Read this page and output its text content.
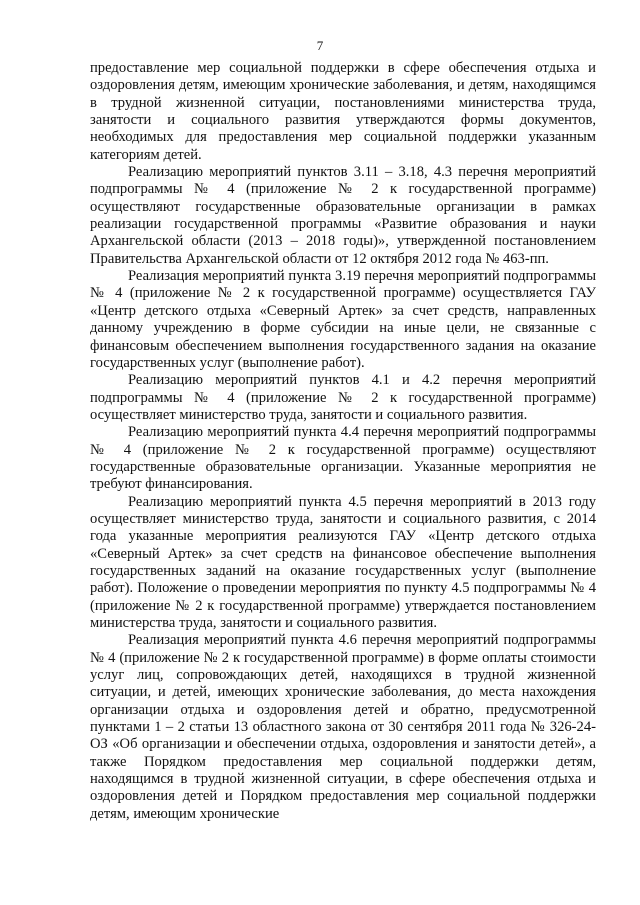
7

предоставление мер социальной поддержки в сфере обеспечения отдыха и оздоровления детям, имеющим хронические заболевания, и детям, находящимся в трудной жизненной ситуации, постановлениями министерства труда, занятости и социального развития утверждаются формы документов, необходимых для предоставления мер социальной поддержки указанным категориям детей.

Реализацию мероприятий пунктов 3.11 – 3.18, 4.3 перечня мероприятий подпрограммы № 4 (приложение № 2 к государственной программе) осуществляют государственные образовательные организации в рамках реализации государственной программы «Развитие образования и науки Архангельской области (2013 – 2018 годы)», утвержденной постановлением Правительства Архангельской области от 12 октября 2012 года № 463-пп.

Реализация мероприятий пункта 3.19 перечня мероприятий подпрограммы № 4 (приложение № 2 к государственной программе) осуществляется ГАУ «Центр детского отдыха «Северный Артек» за счет средств, направленных данному учреждению в форме субсидии на иные цели, не связанные с финансовым обеспечением выполнения государственного задания на оказание государственных услуг (выполнение работ).

Реализацию мероприятий пунктов 4.1 и 4.2 перечня мероприятий подпрограммы № 4 (приложение № 2 к государственной программе) осуществляет министерство труда, занятости и социального развития.

Реализацию мероприятий пункта 4.4 перечня мероприятий подпрограммы № 4 (приложение № 2 к государственной программе) осуществляют государственные образовательные организации. Указанные мероприятия не требуют финансирования.

Реализацию мероприятий пункта 4.5 перечня мероприятий в 2013 году осуществляет министерство труда, занятости и социального развития, с 2014 года указанные мероприятия реализуются ГАУ «Центр детского отдыха «Северный Артек» за счет средств на финансовое обеспечение выполнения государственных заданий на оказание государственных услуг (выполнение работ). Положение о проведении мероприятия по пункту 4.5 подпрограммы № 4 (приложение № 2 к государственной программе) утверждается постановлением министерства труда, занятости и социального развития.

Реализация мероприятий пункта 4.6 перечня мероприятий подпрограммы № 4 (приложение № 2 к государственной программе) в форме оплаты стоимости услуг лиц, сопровождающих детей, находящихся в трудной жизненной ситуации, и детей, имеющих хронические заболевания, до места нахождения организации отдыха и оздоровления детей и обратно, предусмотренной пунктами 1 – 2 статьи 13 областного закона от 30 сентября 2011 года № 326-24-ОЗ «Об организации и обеспечении отдыха, оздоровления и занятости детей», а также Порядком предоставления мер социальной поддержки детям, находящимся в трудной жизненной ситуации, в сфере обеспечения отдыха и оздоровления детей и Порядком предоставления мер социальной поддержки детям, имеющим хронические
